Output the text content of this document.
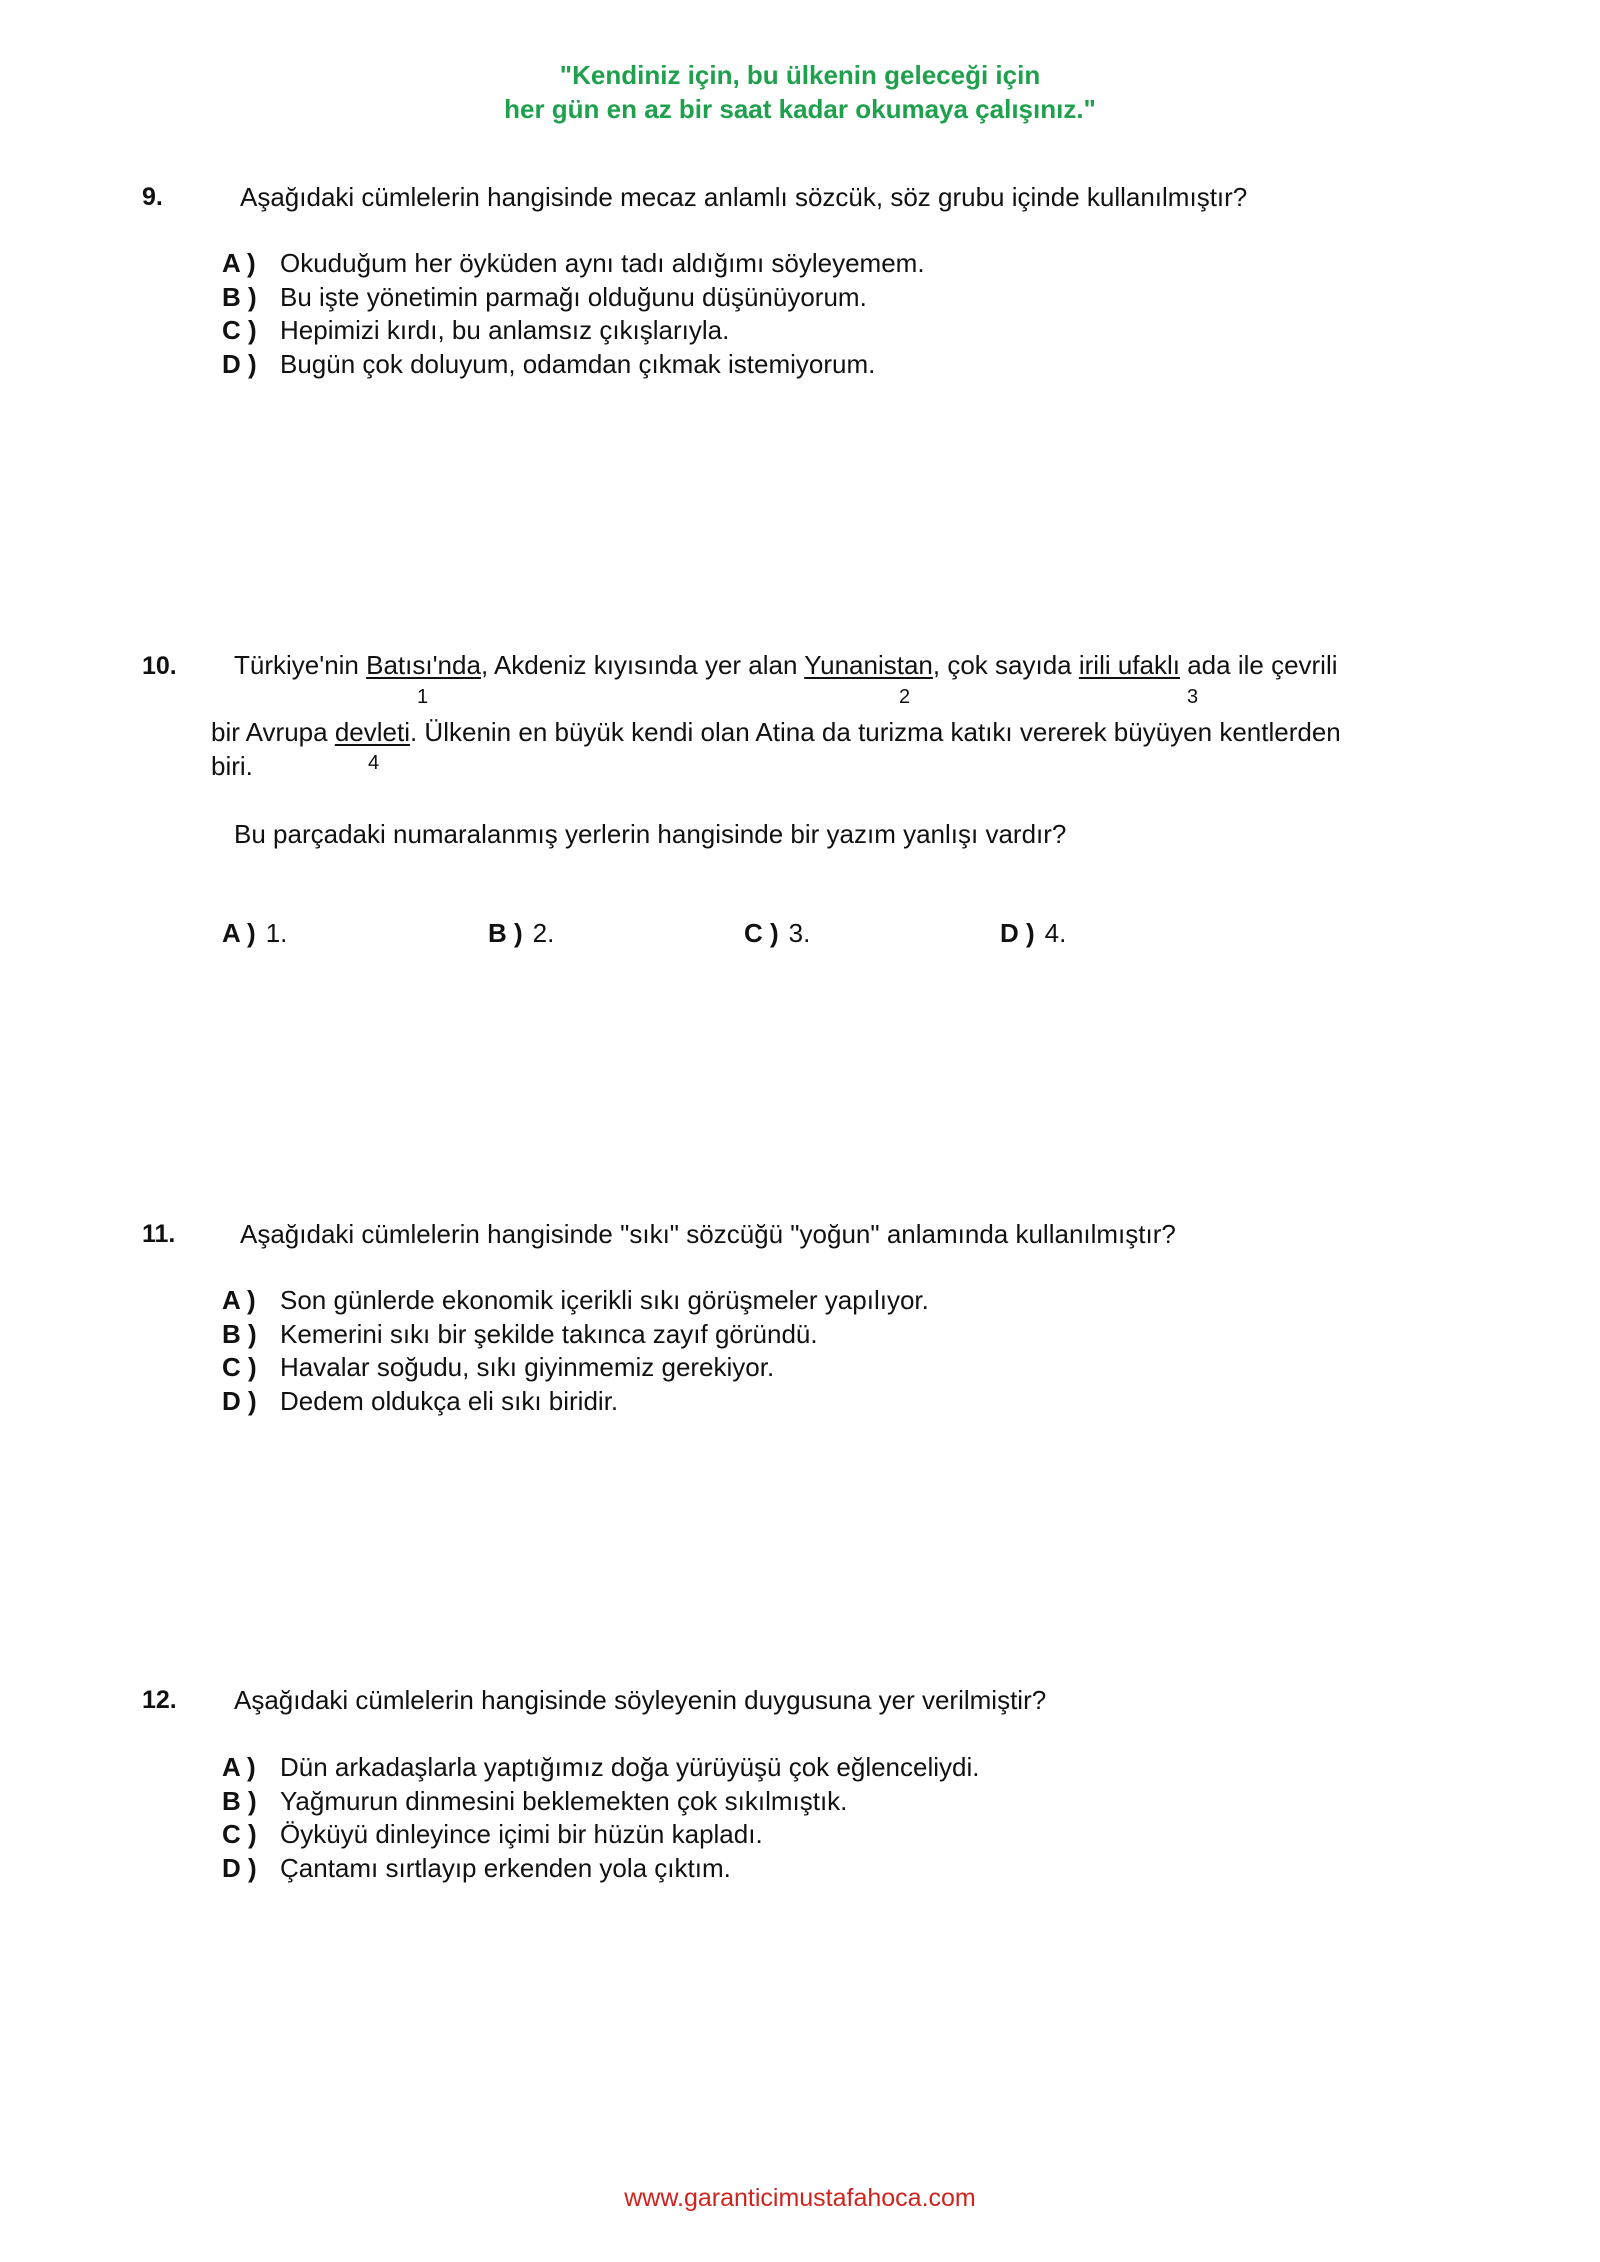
"Kendiniz için, bu ülkenin geleceği için
her gün en az bir saat kadar okumaya çalışınız."
9.	Aşağıdaki cümlelerin hangisinde mecaz anlamlı sözcük, söz grubu içinde kullanılmıştır?
A ) Okuduğum her öyküden aynı tadı aldığımı söyleyemem.
B ) Bu işte yönetimin parmağı olduğunu düşünüyorum.
C ) Hepimizi kırdı, bu anlamsız çıkışlarıyla.
D ) Bugün çok doluyum, odamdan çıkmak istemiyorum.
10. Türkiye'nin Batısı'nda, Akdeniz kıyısında yer alan Yunanistan, çok sayıda irili ufaklı ada ile çevrili
1	2	3
bir Avrupa devleti. Ülkenin en büyük kendi olan Atina da turizma katıkı vererek büyüyen kentlerden
biri.	4
Bu parçadaki numaralanmış yerlerin hangisinde bir yazım yanlışı vardır?
A ) 1.	B ) 2.	C ) 3.	D ) 4.
11. Aşağıdaki cümlelerin hangisinde "sıkı" sözcüğü "yoğun" anlamında kullanılmıştır?
A ) Son günlerde ekonomik içerikli sıkı görüşmeler yapılıyor.
B ) Kemerini sıkı bir şekilde takınca zayıf göründü.
C ) Havalar soğudu, sıkı giyinmemiz gerekiyor.
D ) Dedem oldukça eli sıkı biridir.
12. Aşağıdaki cümlelerin hangisinde söyleyenin duygusuna yer verilmiştir?
A ) Dün arkadaşlarla yaptığımız doğa yürüyüşü çok eğlenceliydi.
B ) Yağmurun dinmesini beklemekten çok sıkılmıştık.
C ) Öyküyü dinleyince içimi bir hüzün kapladı.
D ) Çantamı sırtlayıp erkenden yola çıktım.
www.garanticimustafahoca.com
